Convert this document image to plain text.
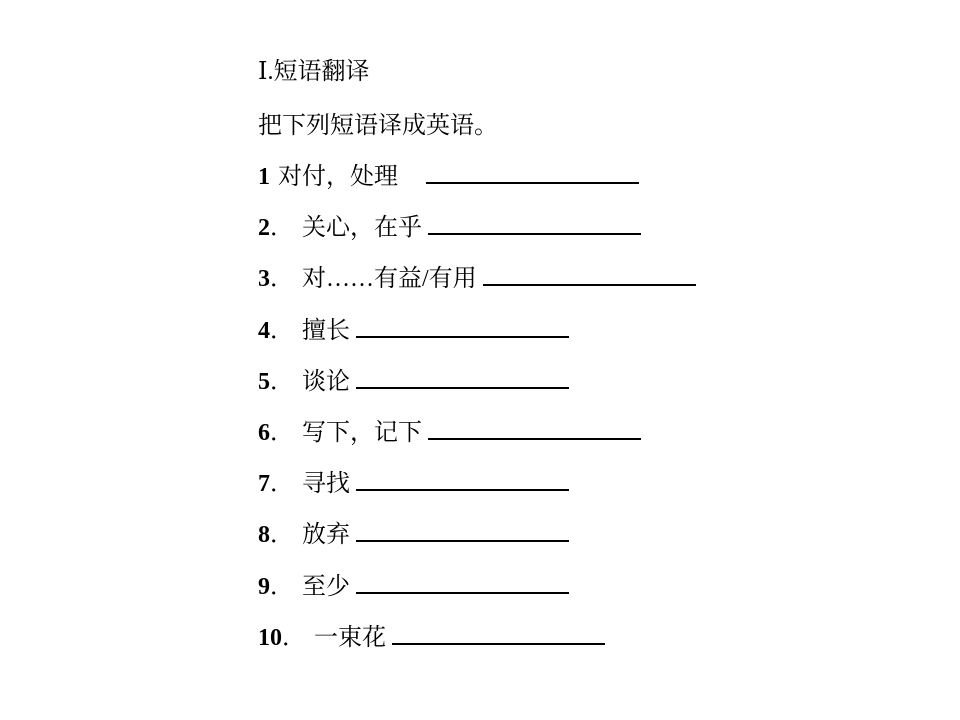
Ⅰ.短语翻译
把下列短语译成英语。
1 对付，处理
2． 关心，在乎
3． 对……有益/有用
4． 擅长
5． 谈论
6． 写下，记下
7． 寻找
8． 放弃
9． 至少
10． 一束花
